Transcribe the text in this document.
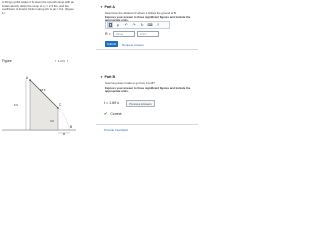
A 49 kg cyclist slides 3 fs down the smooth ramp with an initial velocity down the ramp of v₀ = 2.3 ft/s, and the coefficient of kinetic friction along AC is μk = 0.2. (Figure 1)
▼ Part A
Determine the distance R where it strikes the ground at B.
Express your answer to three significant figures and include the
μ ↶ ↷ ↻ ⌨ ?
R =	Value	Units
Submit	Request Answer
Figure	‹ 1 of 1 ›
A
C
B
R
18 ft
6 ft
4 ft
▼ Part B
How long does it take to go from A to B?
Express your answer to three significant figures and include the appropriate units.
t = 1.69 s	Previous Answers
✔ Correct
Provide Feedback
